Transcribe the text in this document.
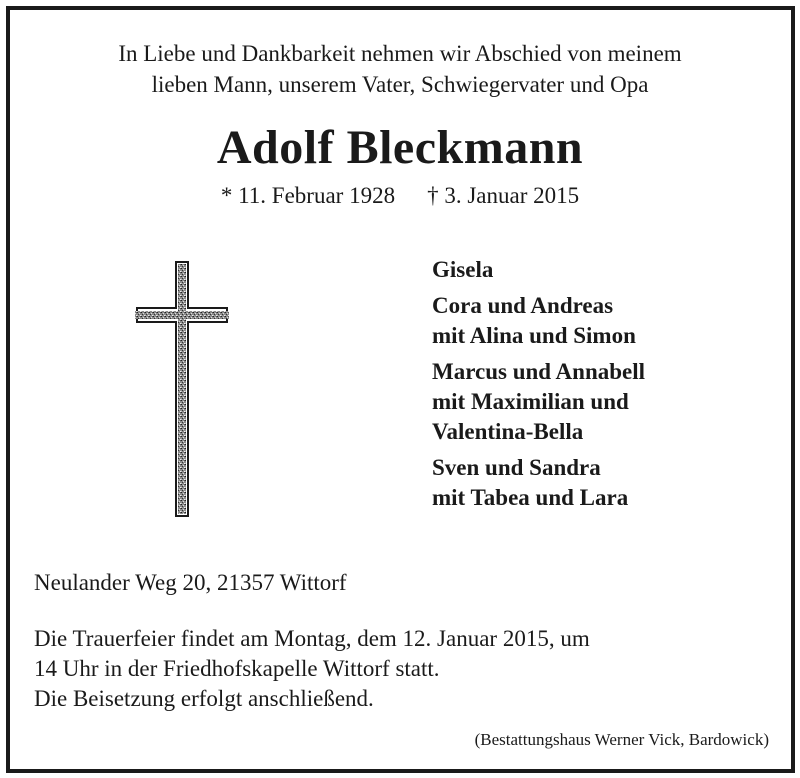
In Liebe und Dankbarkeit nehmen wir Abschied von meinem
lieben Mann, unserem Vater, Schwiegervater und Opa
Adolf Bleckmann
* 11. Februar 1928 † 3. Januar 2015
Gisela
Cora und Andreas
mit Alina und Simon
Marcus und Annabell
mit Maximilian und
Valentina-Bella
Sven und Sandra
mit Tabea und Lara
Neulander Weg 20, 21357 Wittorf
Die Trauerfeier findet am Montag, dem 12. Januar 2015, um
14 Uhr in der Friedhofskapelle Wittorf statt.
Die Beisetzung erfolgt anschließend.
(Bestattungshaus Werner Vick, Bardowick)
